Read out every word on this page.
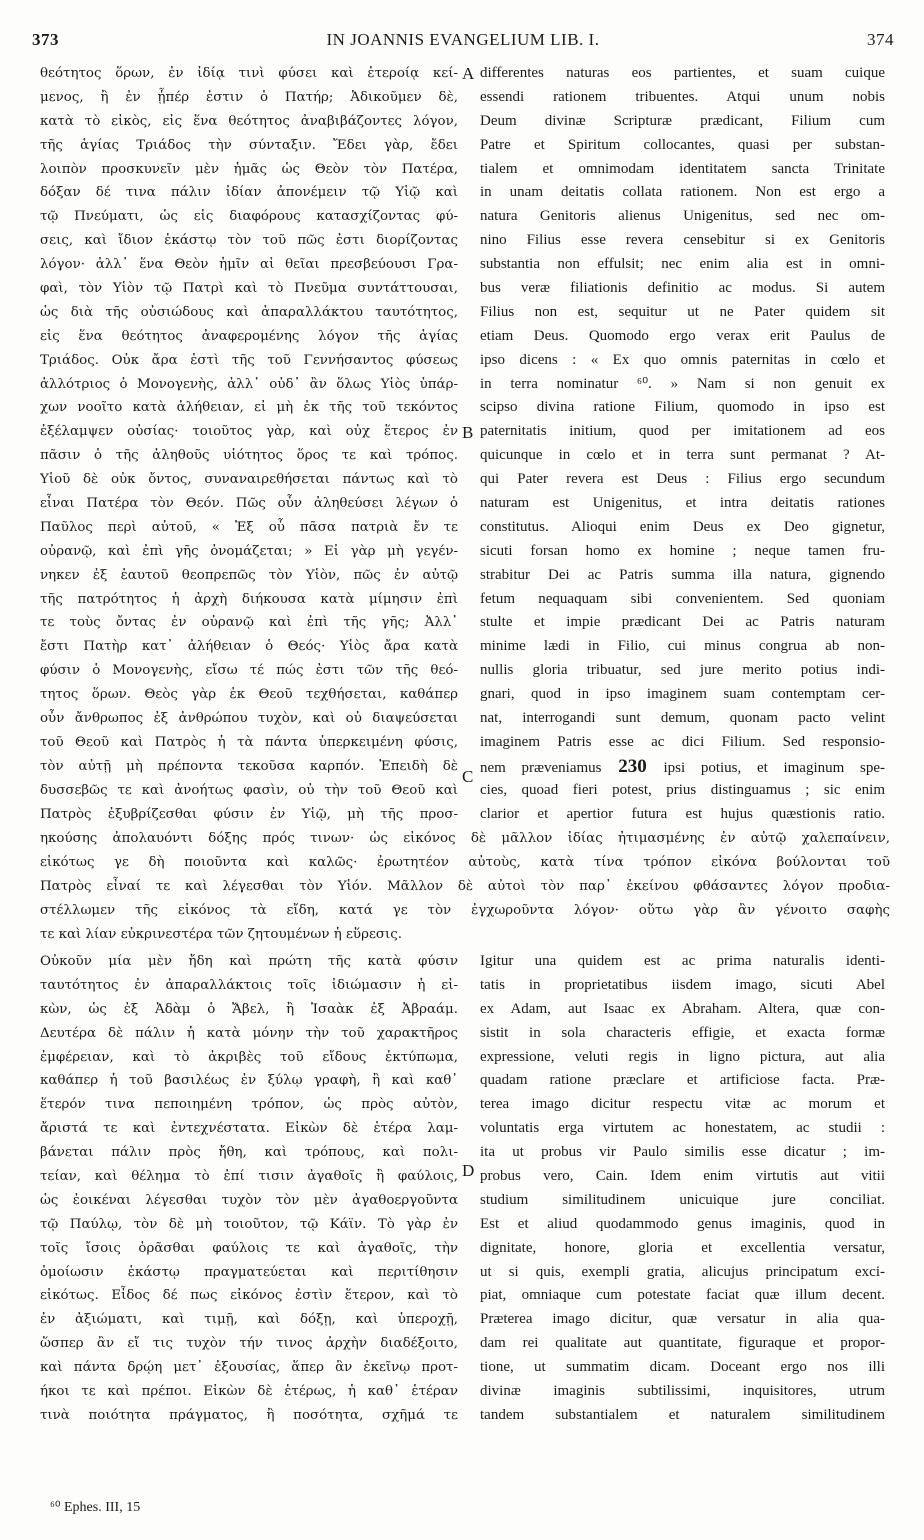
373	IN JOANNIS EVANGELIUM LIB. I.	374
θεότητος ὅρων, ἐν ἰδίᾳ τινὶ φύσει καὶ ἑτεροίᾳ κεί-
μενος, ἢ ἐν ᾗπέρ ἐστιν ὁ Πατήρ; Ἀδικοῦμεν δὲ,
κατὰ τὸ εἰκὸς, εἰς ἕνα θεότητος ἀναβιβάζοντες λόγον,
τῆς ἁγίας Τριάδος τὴν σύνταξιν. Ἔδει γὰρ, ἔδει
λοιπὸν προσκυνεῖν μὲν ἡμᾶς ὡς Θεὸν τὸν Πατέρα,
δόξαν δέ τινα πάλιν ἰδίαν ἀπονέμειν τῷ Υἱῷ καὶ
τῷ Πνεύματι, ὡς εἰς διαφόρους κατασχίζοντας φύ-
σεις, καὶ ἴδιον ἑκάστῳ τὸν τοῦ πῶς ἐστι διορίζοντας
λόγον· ἀλλ᾽ ἕνα Θεὸν ἡμῖν αἱ θεῖαι πρεσβεύουσι Γρα-
φαὶ, τὸν Υἱὸν τῷ Πατρὶ καὶ τὸ Πνεῦμα συντάττουσαι,
ὡς διὰ τῆς οὐσιώδους καὶ ἀπαραλλάκτου ταυτότητος,
εἰς ἕνα θεότητος ἀναφερομένης λόγον τῆς ἁγίας
Τριάδος. Οὐκ ἄρα ἐστὶ τῆς τοῦ Γεννήσαντος φύσεως
ἀλλότριος ὁ Μονογενὴς, ἀλλ᾽ οὐδ᾽ ἂν ὅλως Υἱὸς ὑπάρ-
χων νοοῖτο κατὰ ἀλήθειαν, εἰ μὴ ἐκ τῆς τοῦ τεκόντος
ἐξέλαμψεν οὐσίας· τοιοῦτος γὰρ, καὶ οὐχ ἕτερος ἐν
πᾶσιν ὁ τῆς ἀληθοῦς υἱότητος ὅρος τε καὶ τρόπος.
Υἱοῦ δὲ οὐκ ὄντος, συναναιρεθήσεται πάντως καὶ τὸ
εἶναι Πατέρα τὸν Θεόν. Πῶς οὖν ἀληθεύσει λέγων ὁ
Παῦλος περὶ αὐτοῦ, « Ἐξ οὗ πᾶσα πατριὰ ἔν τε
οὐρανῷ, καὶ ἐπὶ γῆς ὀνομάζεται; » Εἰ γὰρ μὴ γεγέν-
νηκεν ἐξ ἑαυτοῦ θεοπρεπῶς τὸν Υἱὸν, πῶς ἐν αὐτῷ
τῆς πατρότητος ἡ ἀρχὴ διήκουσα κατὰ μίμησιν ἐπὶ
τε τοὺς ὄντας ἐν οὐρανῷ καὶ ἐπὶ τῆς γῆς; Ἀλλ᾽
ἔστι Πατὴρ κατ᾽ ἀλήθειαν ὁ Θεός· Υἱὸς ἄρα κατὰ
φύσιν ὁ Μονογενὴς, εἴσω τέ πώς ἐστι τῶν τῆς θεό-
τητος ὅρων. Θεὸς γὰρ ἐκ Θεοῦ τεχθήσεται, καθάπερ
οὖν ἄνθρωπος ἐξ ἀνθρώπου τυχὸν, καὶ οὐ διαψεύσεται
τοῦ Θεοῦ καὶ Πατρὸς ἡ τὰ πάντα ὑπερκειμένη φύσις,
τὸν αὐτῇ μὴ πρέποντα τεκοῦσα καρπόν. Ἐπειδὴ δὲ
δυσσεβῶς τε καὶ ἀνοήτως φασὶν, οὐ τὴν τοῦ Θεοῦ καὶ
Πατρὸς ἐξυβρίζεσθαι φύσιν ἐν Υἱῷ, μὴ τῆς προσ-
differentes naturas eos partientes, et suam cuique
essendi rationem tribuentes. Atqui unum nobis
Deum divinæ Scripturæ prædicant, Filium cum
Patre et Spiritum collocantes, quasi per substan-
tialem et omnimodam identitatem sancta Trinitate
in unam deitatis collata rationem. Non est ergo a
natura Genitoris alienus Unigenitus, sed nec om-
nino Filius esse revera censebitur si ex Genitoris
substantia non effulsit; nec enim alia est in omni-
bus veræ filiationis definitio ac modus. Si autem
Filius non est, sequitur ut ne Pater quidem sit
etiam Deus. Quomodo ergo verax erit Paulus de
ipso dicens : « Ex quo omnis paternitas in cœlo et
in terra nominatur ⁶⁰. » Nam si non genuit ex
scipso divina ratione Filium, quomodo in ipso est
paternitatis initium, quod per imitationem ad eos
quicunque in cœlo et in terra sunt permanat ? At-
qui Pater revera est Deus : Filius ergo secundum
naturam est Unigenitus, et intra deitatis rationes
constitutus. Alioqui enim Deus ex Deo gignetur,
sicuti forsan homo ex homine ; neque tamen fru-
strabitur Dei ac Patris summa illa natura, gignendo
fetum nequaquam sibi convenientem. Sed quoniam
stulte et impie prædicant Dei ac Patris naturam
minime lædi in Filio, cui minus congrua ab non-
nullis gloria tribuatur, sed jure merito potius indi-
gnari, quod in ipso imaginem suam contemptam cer-
nat, interrogandi sunt demum, quonam pacto velint
imaginem Patris esse ac dici Filium. Sed responsio-
nem præveniamus 230 ipsi potius, et imaginum spe-
cies, quoad fieri potest, prius distinguamus ; sic enim
clarior et apertior futura est hujus quæstionis ratio.
A
B
C
D
ηκούσης ἀπολαυόντι δόξης πρός τινων· ὡς εἰκόνος δὲ μᾶλλον ἰδίας ἠτιμασμένης ἐν αὐτῷ χαλεπαίνειν,
εἰκότως γε δὴ ποιοῦντα καὶ καλῶς· ἐρωτητέον αὐτοὺς, κατὰ τίνα τρόπον εἰκόνα βούλονται τοῦ
Πατρὸς εἶναί τε καὶ λέγεσθαι τὸν Υἱόν. Μᾶλλον δὲ αὐτοὶ τὸν παρ᾽ ἐκείνου φθάσαντες λόγον προδια-
στέλλωμεν τῆς εἰκόνος τὰ εἴδη, κατά γε τὸν ἐγχωροῦντα λόγον· οὕτω γὰρ ἂν γένοιτο σαφὴς
τε καὶ λίαν εὐκρινεστέρα τῶν ζητουμένων ἡ εὕρεσις.
Οὐκοῦν μία μὲν ἤδη καὶ πρώτη τῆς κατὰ φύσιν
ταυτότητος ἐν ἀπαραλλάκτοις τοῖς ἰδιώμασιν ἡ εἰ-
κὼν, ὡς ἐξ Ἀδὰμ ὁ Ἄβελ, ἢ Ἰσαὰκ ἐξ Ἀβραάμ.
Δευτέρα δὲ πάλιν ἡ κατὰ μόνην τὴν τοῦ χαρακτῆρος
ἐμφέρειαν, καὶ τὸ ἀκριβὲς τοῦ εἴδους ἐκτύπωμα,
καθάπερ ἡ τοῦ βασιλέως ἐν ξύλῳ γραφὴ, ἢ καὶ καθ᾽
ἕτερόν τινα πεποιημένη τρόπον, ὡς πρὸς αὐτὸν,
ἄριστά τε καὶ ἐντεχνέστατα. Εἰκὼν δὲ ἑτέρα λαμ-
βάνεται πάλιν πρὸς ἤθη, καὶ τρόπους, καὶ πολι-
τείαν, καὶ θέλημα τὸ ἐπί τισιν ἀγαθοῖς ἢ φαύλοις,
ὡς ἐοικέναι λέγεσθαι τυχὸν τὸν μὲν ἀγαθοεργοῦντα
τῷ Παύλῳ, τὸν δὲ μὴ τοιοῦτον, τῷ Κάϊν. Τὸ γὰρ ἐν
τοῖς ἴσοις ὁρᾶσθαι φαύλοις τε καὶ ἀγαθοῖς, τὴν
ὁμοίωσιν ἑκάστῳ πραγματεύεται καὶ περιτίθησιν
εἰκότως. Εἶδος δέ πως εἰκόνος ἐστὶν ἕτερον, καὶ τὸ
ἐν ἀξιώματι, καὶ τιμῇ, καὶ δόξῃ, καὶ ὑπεροχῇ,
ὥσπερ ἂν εἴ τις τυχὸν τήν τινος ἀρχὴν διαδέξοιτο,
καὶ πάντα δρῴη μετ᾽ ἐξουσίας, ἅπερ ἂν ἐκεῖνῳ προτ-
ήκοι τε καὶ πρέποι. Εἰκὼν δὲ ἑτέρως, ἡ καθ᾽ ἑτέραν
τινὰ ποιότητα πράγματος, ἢ ποσότητα, σχῆμά τε
Igitur una quidem est ac prima naturalis identi-
tatis in proprietatibus iisdem imago, sicuti Abel
ex Adam, aut Isaac ex Abraham. Altera, quæ con-
sistit in sola characteris effigie, et exacta formæ
expressione, veluti regis in ligno pictura, aut alia
quadam ratione præclare et artificiose facta. Præ-
terea imago dicitur respectu vitæ ac morum et
voluntatis erga virtutem ac honestatem, ac studii :
ita ut probus vir Paulo similis esse dicatur ; im-
probus vero, Cain. Idem enim virtutis aut vitii
studium similitudinem unicuique jure conciliat.
Est et aliud quodammodo genus imaginis, quod in
dignitate, honore, gloria et excellentia versatur,
ut si quis, exempli gratia, alicujus principatum exci-
piat, omniaque cum potestate faciat quæ illum decent.
Præterea imago dicitur, quæ versatur in alia qua-
dam rei qualitate aut quantitate, figuraque et propor-
tione, ut summatim dicam. Doceant ergo nos illi
divinæ imaginis subtilissimi, inquisitores, utrum
tandem substantialem et naturalem similitudinem
⁶⁰ Ephes. III, 15
